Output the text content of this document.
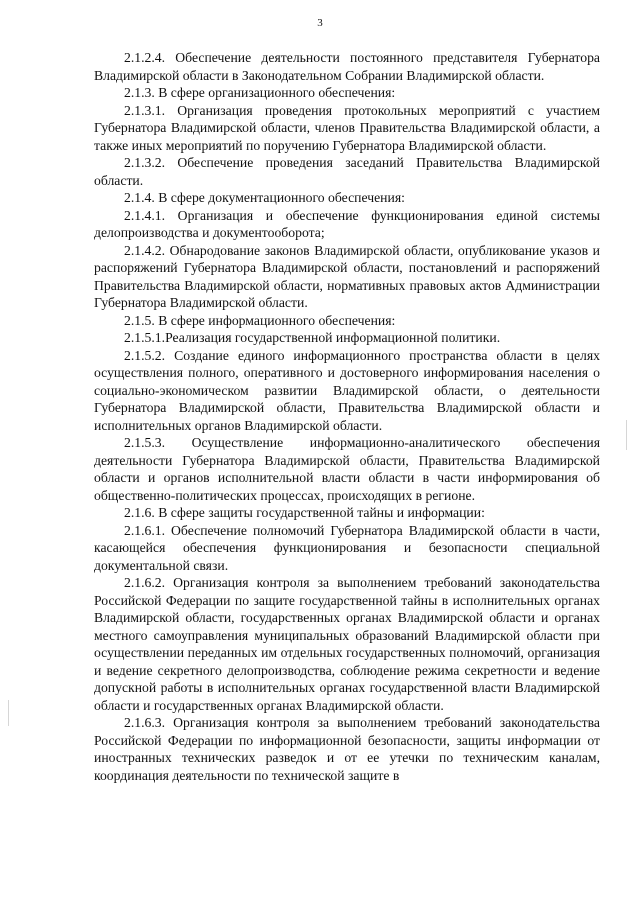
3

2.1.2.4. Обеспечение деятельности постоянного представителя Губернатора Владимирской области в Законодательном Собрании Владимирской области.

2.1.3. В сфере организационного обеспечения:

2.1.3.1. Организация проведения протокольных мероприятий с участием Губернатора Владимирской области, членов Правительства Владимирской области, а также иных мероприятий по поручению Губернатора Владимирской области.

2.1.3.2. Обеспечение проведения заседаний Правительства Владимирской области.

2.1.4. В сфере документационного обеспечения:

2.1.4.1. Организация и обеспечение функционирования единой системы делопроизводства и документооборота;

2.1.4.2. Обнародование законов Владимирской области, опубликование указов и распоряжений Губернатора Владимирской области, постановлений и распоряжений Правительства Владимирской области, нормативных правовых актов Администрации Губернатора Владимирской области.

2.1.5. В сфере информационного обеспечения:

2.1.5.1.Реализация государственной информационной политики.

2.1.5.2. Создание единого информационного пространства области в целях осуществления полного, оперативного и достоверного информирования населения о социально-экономическом развитии Владимирской области, о деятельности Губернатора Владимирской области, Правительства Владимирской области и исполнительных органов Владимирской области.

2.1.5.3. Осуществление информационно-аналитического обеспечения деятельности Губернатора Владимирской области, Правительства Владимирской области и органов исполнительной власти области в части информирования об общественно-политических процессах, происходящих в регионе.

2.1.6. В сфере защиты государственной тайны и информации:

2.1.6.1. Обеспечение полномочий Губернатора Владимирской области в части, касающейся обеспечения функционирования и безопасности специальной документальной связи.

2.1.6.2. Организация контроля за выполнением требований законодательства Российской Федерации по защите государственной тайны в исполнительных органах Владимирской области, государственных органах Владимирской области и органах местного самоуправления муниципальных образований Владимирской области при осуществлении переданных им отдельных государственных полномочий, организация и ведение секретного делопроизводства, соблюдение режима секретности и ведение допускной работы в исполнительных органах государственной власти Владимирской области и государственных органах Владимирской области.

2.1.6.3. Организация контроля за выполнением требований законодательства Российской Федерации по информационной безопасности, защиты информации от иностранных технических разведок и от ее утечки по техническим каналам, координация деятельности по технической защите в
